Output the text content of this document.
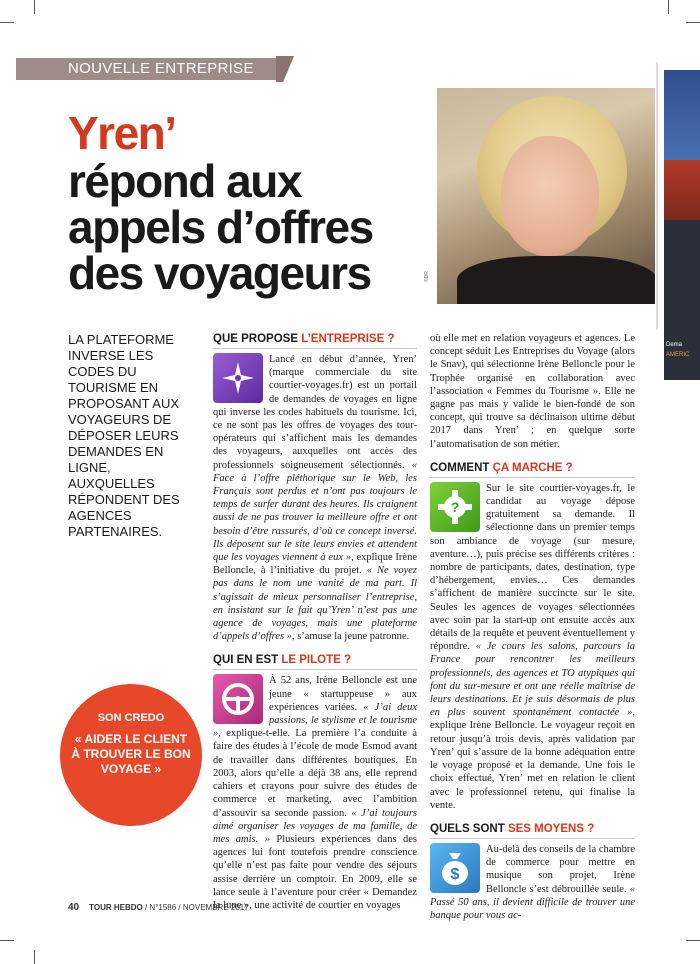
NOUVELLE ENTREPRISE
Yren’
répond aux
appels d’offres
des voyageurs	©DR
Dema
AMERIC
LA PLATEFORME INVERSE LES CODES DU TOURISME EN PROPOSANT AUX VOYAGEURS DE DÉPOSER LEURS DEMANDES EN LIGNE, AUXQUELLES RÉPONDENT DES AGENCES PARTENAIRES.
SON CREDO
« AIDER LE CLIENT À TROUVER LE BON VOYAGE »
QUE PROPOSE L’ENTREPRISE ?

Lancé en début d’année, Yren’ (marque commerciale du site courtier-voyages.fr) est un portail de demandes de voyages en ligne qui inverse les codes habituels du tourisme. Ici, ce ne sont pas les offres de voyages des tour-opérateurs qui s’affichent mais les demandes des voyageurs, auxquelles ont accès des professionnels soigneusement sélectionnés. « Face à l’offre pléthorique sur le Web, les Français sont perdus et n’ont pas toujours le temps de surfer durant des heures. Ils craignent aussi de ne pas trouver la meilleure offre et ont besoin d’être rassurés, d’où ce concept inversé. Ils déposent sur le site leurs envies et attendent que les voyages viennent à eux », explique Irène Belloncle, à l’initiative du projet. « Ne voyez pas dans le nom une vanité de ma part. Il s’agissait de mieux personnaliser l’entreprise, en insistant sur le fait qu’Yren’ n’est pas une agence de voyages, mais une plateforme d’appels d’offres », s’amuse la jeune patronne.

QUI EN EST LE PILOTE ?

À 52 ans, Irène Belloncle est une jeune « startuppeuse » aux expériences variées. « J’ai deux passions, le stylisme et le tourisme », explique-t-elle. La première l’a conduite à faire des études à l’école de mode Esmod avant de travailler dans différentes boutiques. En 2003, alors qu’elle a déjà 38 ans, elle reprend cahiers et crayons pour suivre des études de commerce et marketing, avec l’ambition d’assouvir sa seconde passion. « J’ai toujours aimé organiser les voyages de ma famille, de mes amis. » Plusieurs expériences dans des agences lui font toutefois prendre conscience qu’elle n’est pas faite pour vendre des séjours assise derrière un comptoir. En 2009, elle se lance seule à l’aventure pour créer « Demandez la lune », une activité de courtier en voyages

où elle met en relation voyageurs et agences. Le concept séduit Les Entreprises du Voyage (alors le Snav), qui sélectionne Irène Belloncle pour le Trophée organisé en collaboration avec l’association « Femmes du Tourisme ». Elle ne gagne pas mais y valide le bien-fondé de son concept, qui trouve sa déclinaison ultime début 2017 dans Yren’ ; en quelque sorte l’automatisation de son métier.

COMMENT ÇA MARCHE ?
?

Sur le site courtier-voyages.fr, le candidat au voyage dépose gratuitement sa demande. Il sélectionne dans un premier temps son ambiance de voyage (sur mesure, aventure…), puis précise ses différents critères : nombre de participants, dates, destination, type d’hébergement, envies… Ces demandes s’affichent de manière succincte sur le site. Seules les agences de voyages sélectionnées avec soin par la start-up ont ensuite accès aux détails de la requête et peuvent éventuellement y répondre. « Je cours les salons, parcours la France pour rencontrer les meilleurs professionnels, des agences et TO atypiques qui font du sur-mesure et ont une réelle maîtrise de leurs destinations. Et je suis désormais de plus en plus souvent spontanément contactée », explique Irène Belloncle. Le voyageur reçoit en retour jusqu’à trois devis, après validation par Yren’ qui s’assure de la bonne adéquation entre le voyage proposé et la demande. Une fois le choix effectué, Yren’ met en relation le client avec le professionnel retenu, qui finalise la vente.

QUELS SONT SES MOYENS ?
$

Au-delà des conseils de la chambre de commerce pour mettre en musique son projet, Irène Belloncle s’est débrouillée seule. « Passé 50 ans, il devient difficile de trouver une banque pour vous ac-

40 TOUR HEBDO / N°1586 / NOVEMBRE 2017
